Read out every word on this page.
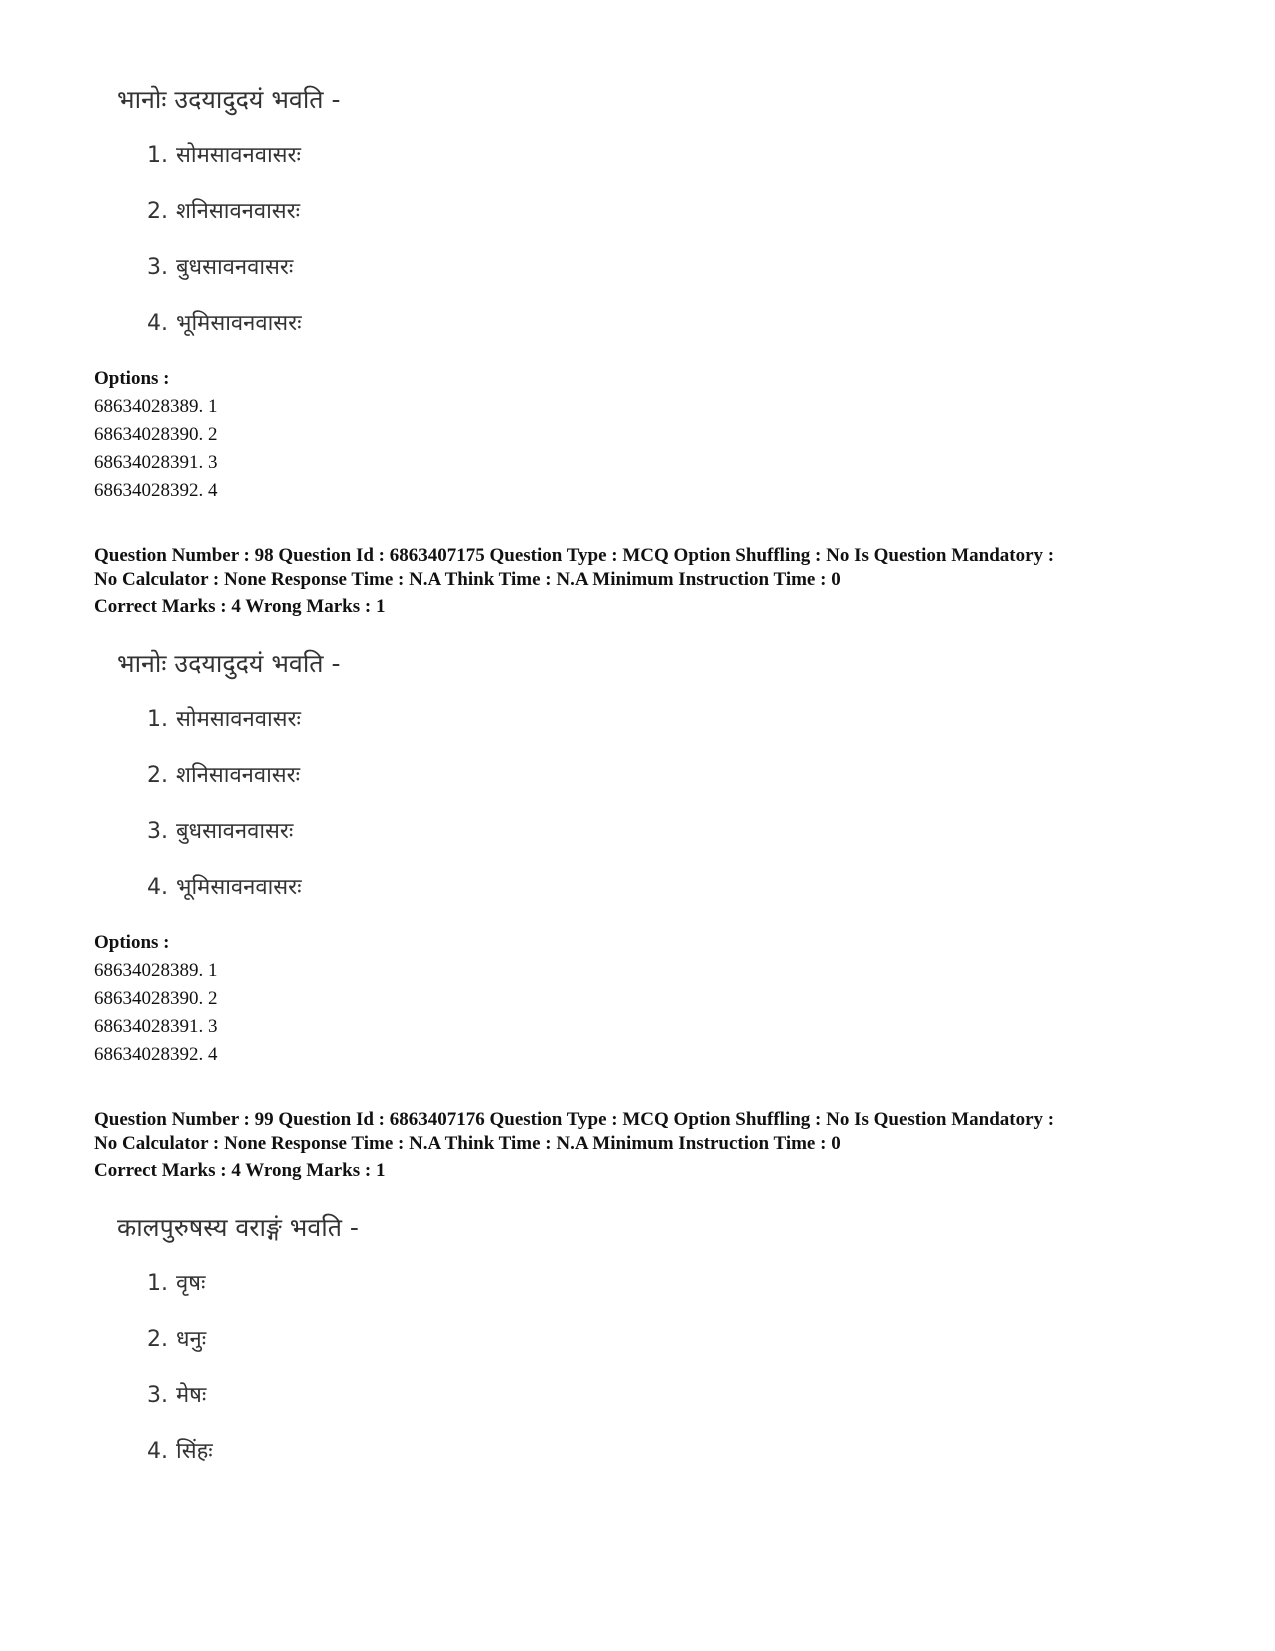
भानोः उदयादुदयं भवति -
1. सोमसावनवासरः
2. शनिसावनवासरः
3. बुधसावनवासरः
4. भूमिसावनवासरः
Options :
68634028389. 1
68634028390. 2
68634028391. 3
68634028392. 4
Question Number : 98 Question Id : 6863407175 Question Type : MCQ Option Shuffling : No Is Question Mandatory :
No Calculator : None Response Time : N.A Think Time : N.A Minimum Instruction Time : 0
Correct Marks : 4 Wrong Marks : 1
भानोः उदयादुदयं भवति -
1. सोमसावनवासरः
2. शनिसावनवासरः
3. बुधसावनवासरः
4. भूमिसावनवासरः
Options :
68634028389. 1
68634028390. 2
68634028391. 3
68634028392. 4
Question Number : 99 Question Id : 6863407176 Question Type : MCQ Option Shuffling : No Is Question Mandatory :
No Calculator : None Response Time : N.A Think Time : N.A Minimum Instruction Time : 0
Correct Marks : 4 Wrong Marks : 1
कालपुरुषस्य वराङ्गं भवति -
1. वृषः
2. धनुः
3. मेषः
4. सिंहः
